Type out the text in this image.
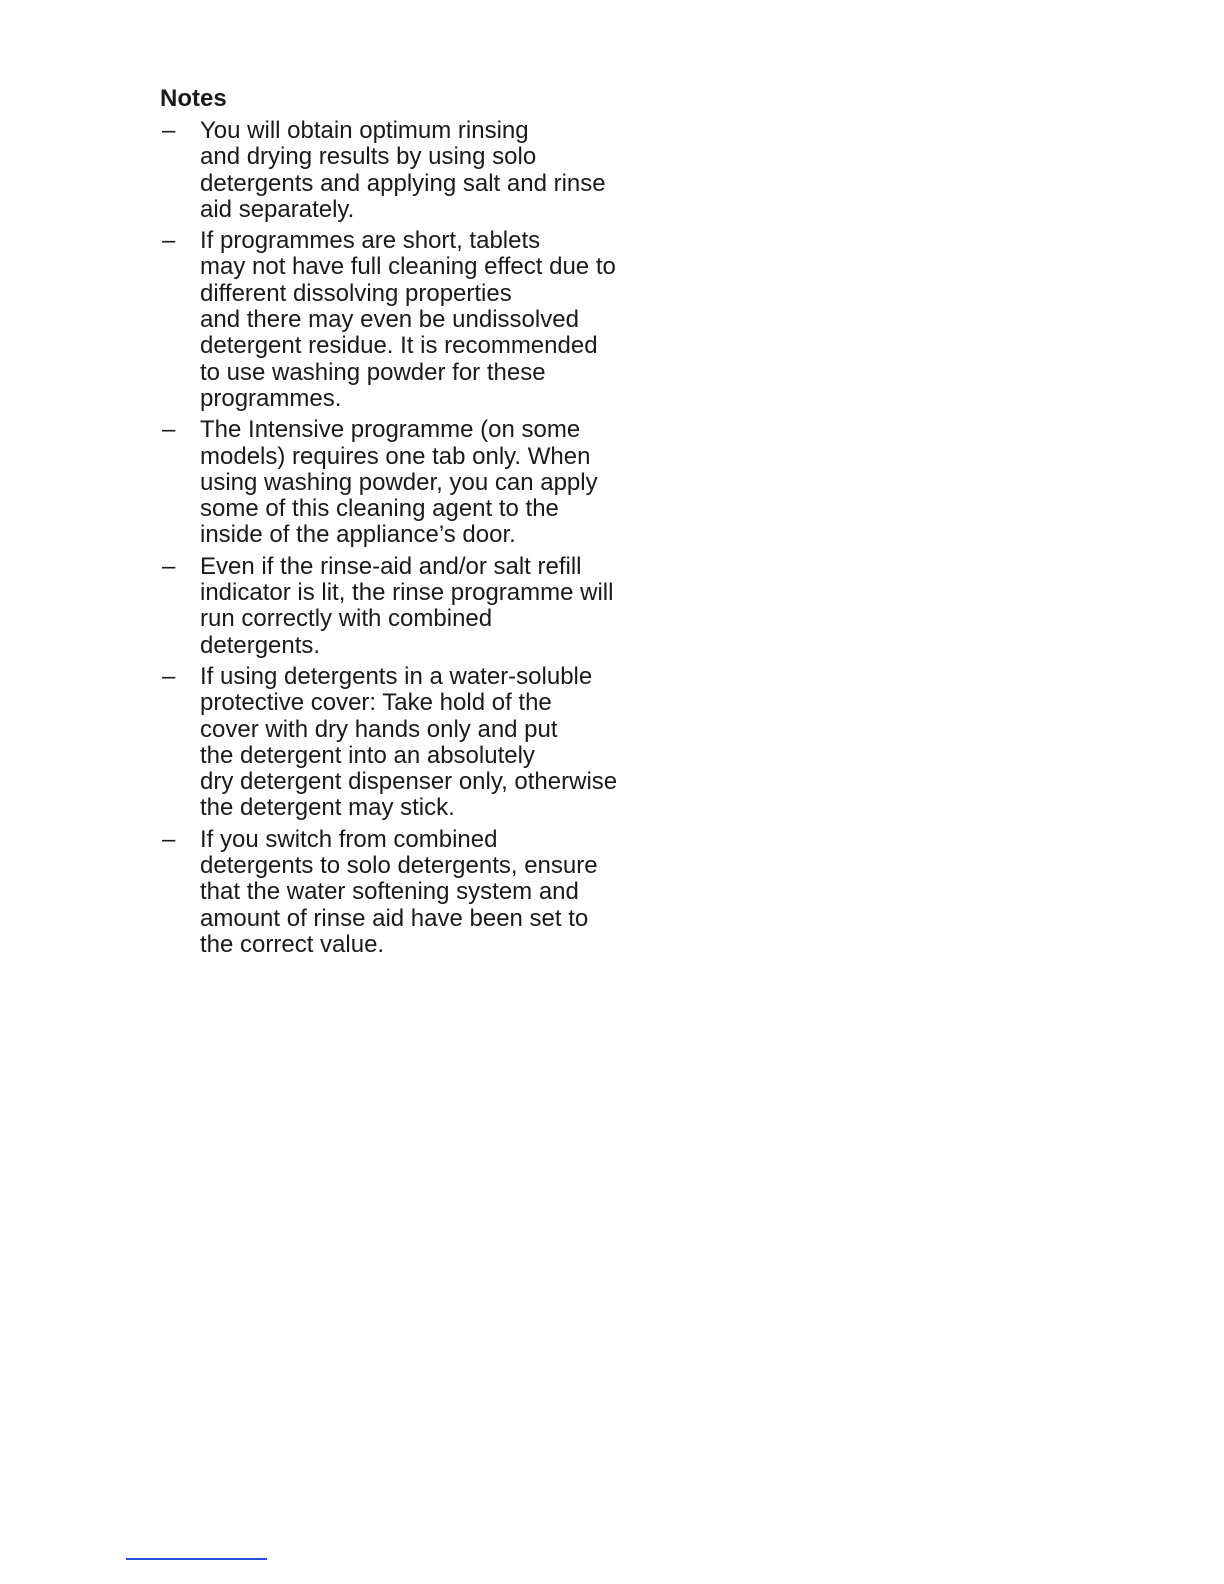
Notes
– You will obtain optimum rinsing
and drying results by using solo
detergents and applying salt and rinse
aid separately.
– If programmes are short, tablets
may not have full cleaning effect due to
different dissolving properties
and there may even be undissolved
detergent residue. It is recommended
to use washing powder for these
programmes.
– The Intensive programme (on some
models) requires one tab only. When
using washing powder, you can apply
some of this cleaning agent to the
inside of the appliance’s door.
– Even if the rinse-aid and/or salt refill
indicator is lit, the rinse programme will
run correctly with combined
detergents.
– If using detergents in a water-soluble
protective cover: Take hold of the
cover with dry hands only and put
the detergent into an absolutely
dry detergent dispenser only, otherwise
the detergent may stick.
– If you switch from combined
detergents to solo detergents, ensure
that the water softening system and
amount of rinse aid have been set to
the correct value.
